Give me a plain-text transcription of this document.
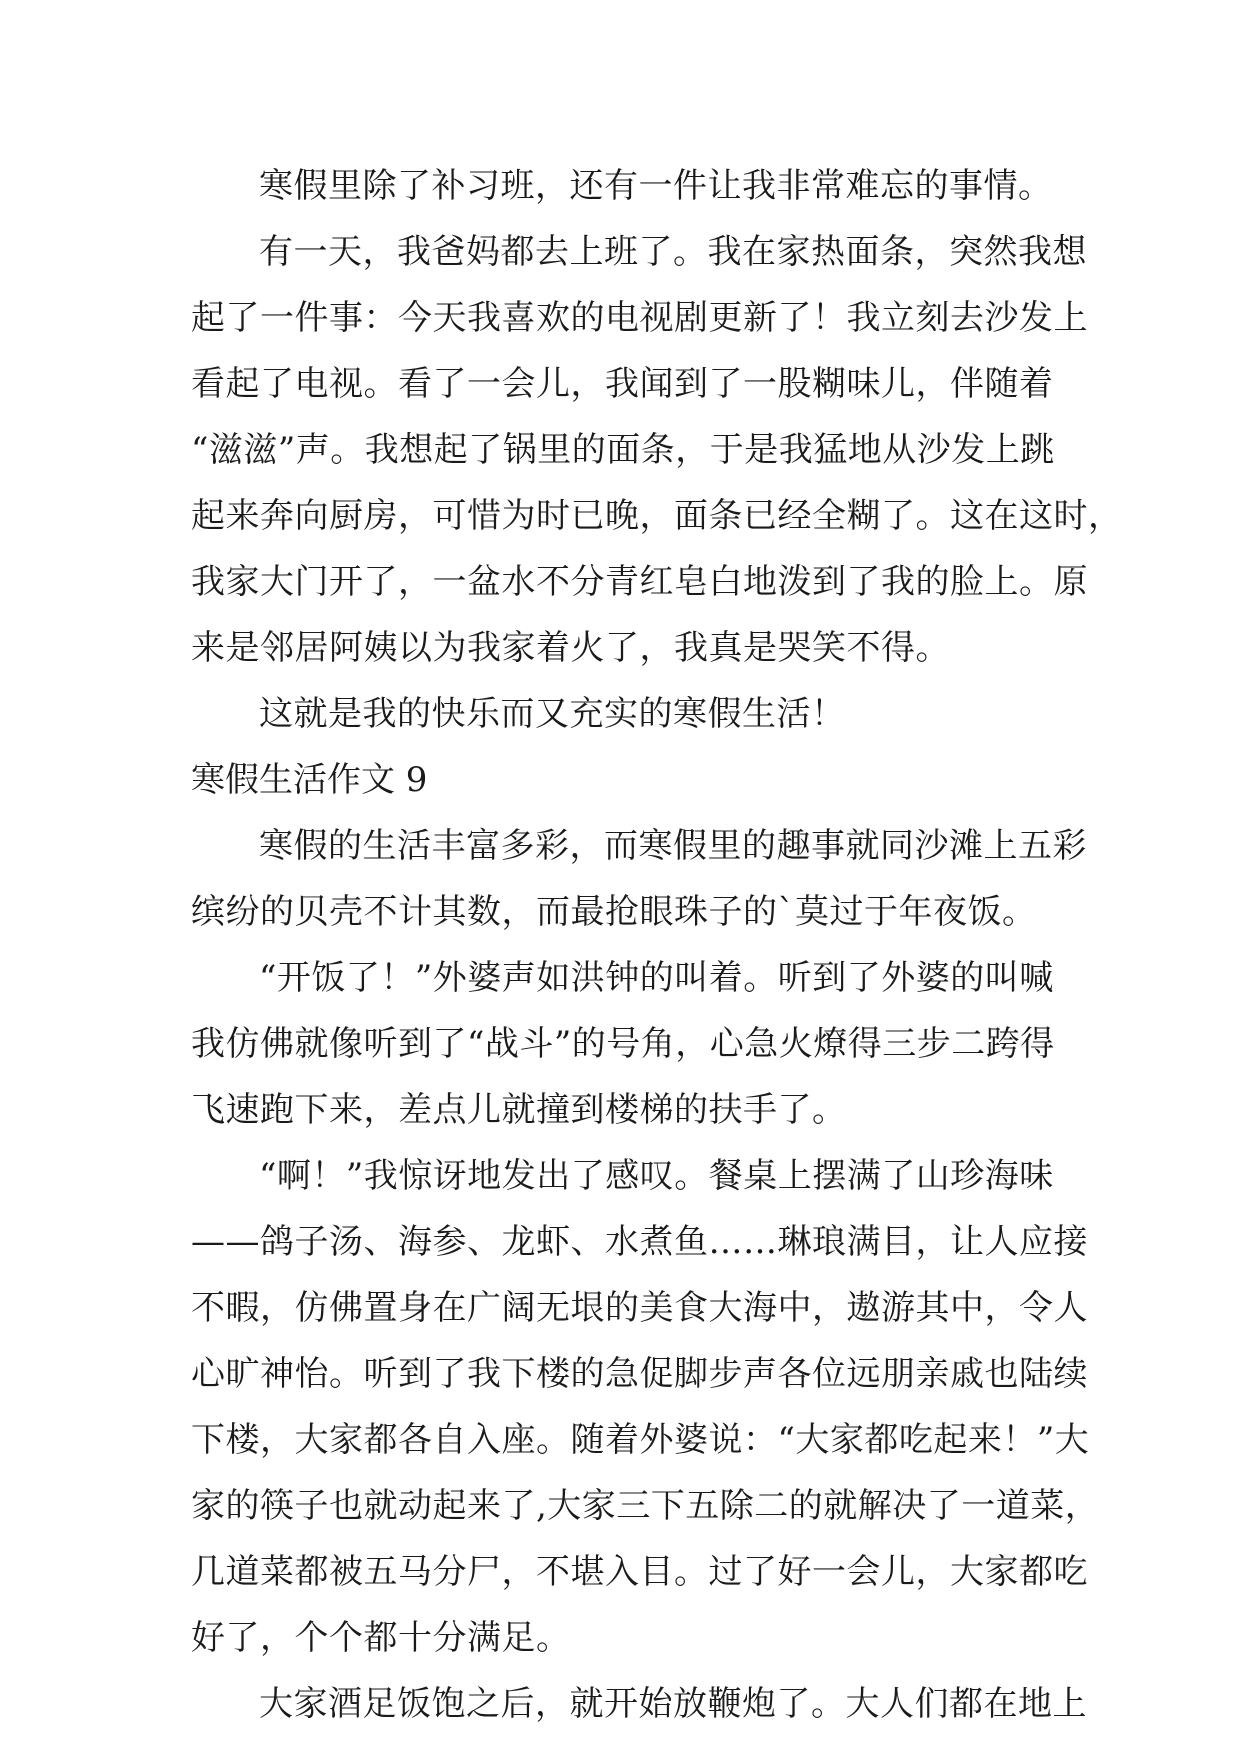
寒假里除了补习班，还有一件让我非常难忘的事情。
有一天，我爸妈都去上班了。我在家热面条，突然我想
起了一件事：今天我喜欢的电视剧更新了！我立刻去沙发上
看起了电视。看了一会儿，我闻到了一股糊味儿，伴随着
“滋滋”声。我想起了锅里的面条，于是我猛地从沙发上跳
起来奔向厨房，可惜为时已晚，面条已经全糊了。这在这时，
我家大门开了，一盆水不分青红皂白地泼到了我的脸上。原
来是邻居阿姨以为我家着火了，我真是哭笑不得。
这就是我的快乐而又充实的寒假生活！
寒假生活作文 9
寒假的生活丰富多彩，而寒假里的趣事就同沙滩上五彩
缤纷的贝壳不计其数，而最抢眼珠子的`莫过于年夜饭。
“开饭了！”外婆声如洪钟的叫着。听到了外婆的叫喊
我仿佛就像听到了“战斗”的号角，心急火燎得三步二跨得
飞速跑下来，差点儿就撞到楼梯的扶手了。
“啊！”我惊讶地发出了感叹。餐桌上摆满了山珍海味
——鸽子汤、海参、龙虾、水煮鱼……琳琅满目，让人应接
不暇，仿佛置身在广阔无垠的美食大海中，遨游其中，令人
心旷神怡。听到了我下楼的急促脚步声各位远朋亲戚也陆续
下楼，大家都各自入座。随着外婆说：“大家都吃起来！”大
家的筷子也就动起来了,大家三下五除二的就解决了一道菜，
几道菜都被五马分尸，不堪入目。过了好一会儿，大家都吃
好了，个个都十分满足。
大家酒足饭饱之后，就开始放鞭炮了。大人们都在地上
